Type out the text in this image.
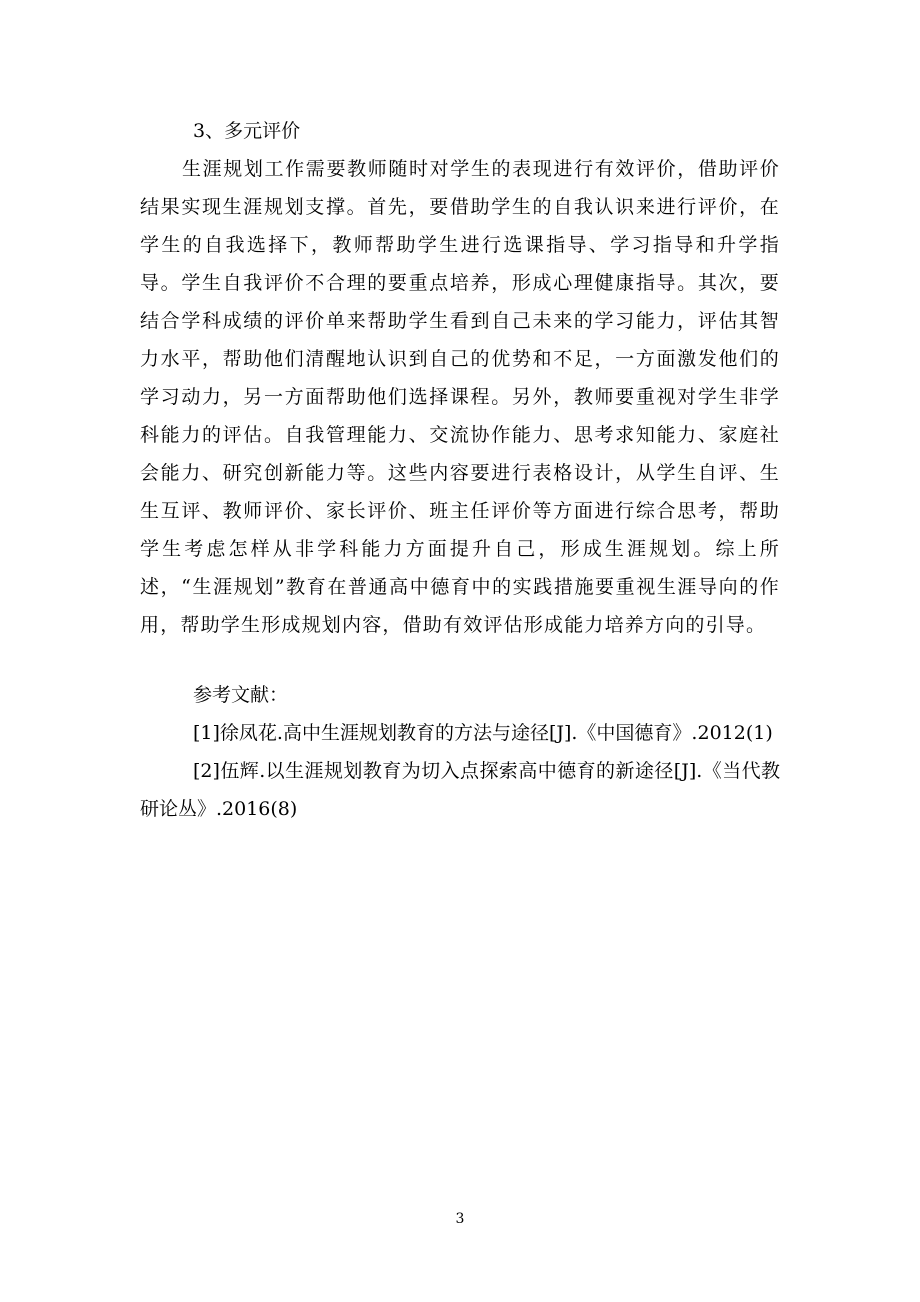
3、多元评价

生涯规划工作需要教师随时对学生的表现进行有效评价，借助评价结果实现生涯规划支撑。首先，要借助学生的自我认识来进行评价，在学生的自我选择下，教师帮助学生进行选课指导、学习指导和升学指导。学生自我评价不合理的要重点培养，形成心理健康指导。其次，要结合学科成绩的评价单来帮助学生看到自己未来的学习能力，评估其智力水平，帮助他们清醒地认识到自己的优势和不足，一方面激发他们的学习动力，另一方面帮助他们选择课程。另外，教师要重视对学生非学科能力的评估。自我管理能力、交流协作能力、思考求知能力、家庭社会能力、研究创新能力等。这些内容要进行表格设计，从学生自评、生生互评、教师评价、家长评价、班主任评价等方面进行综合思考，帮助学生考虑怎样从非学科能力方面提升自己，形成生涯规划。综上所述，“生涯规划”教育在普通高中德育中的实践措施要重视生涯导向的作用，帮助学生形成规划内容，借助有效评估形成能力培养方向的引导。

参考文献：

[1]徐凤花.高中生涯规划教育的方法与途径[J].《中国德育》.2012(1)

[2]伍辉.以生涯规划教育为切入点探索高中德育的新途径[J].《当代教研论丛》.2016(8)

3
